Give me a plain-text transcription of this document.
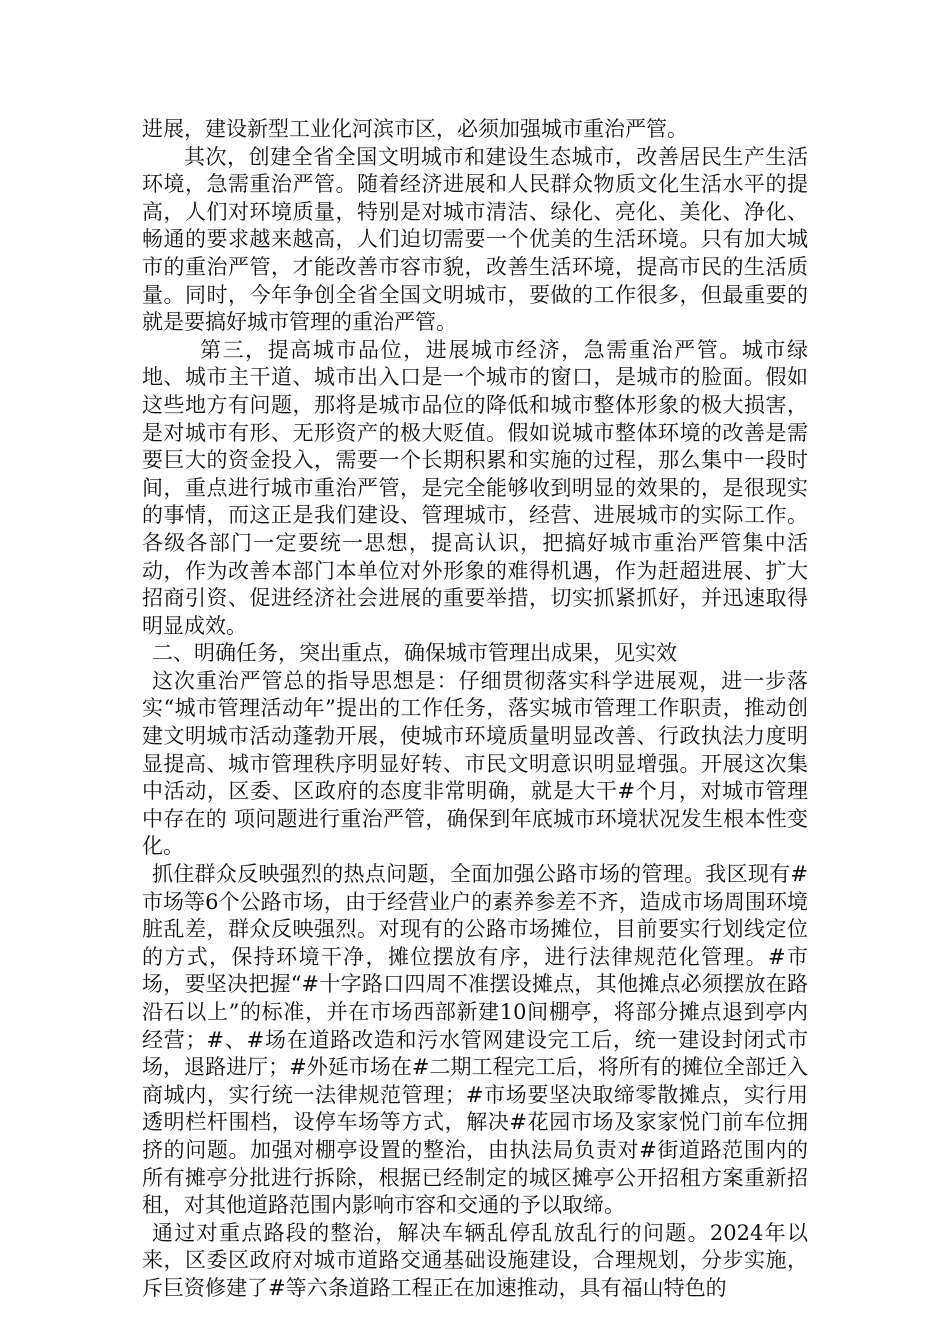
进展，建设新型工业化河滨市区，必须加强城市重治严管。

其次，创建全省全国文明城市和建设生态城市，改善居民生产生活环境，急需重治严管。随着经济进展和人民群众物质文化生活水平的提高，人们对环境质量，特别是对城市清洁、绿化、亮化、美化、净化、畅通的要求越来越高，人们迫切需要一个优美的生活环境。只有加大城市的重治严管，才能改善市容市貌，改善生活环境，提高市民的生活质量。同时，今年争创全省全国文明城市，要做的工作很多，但最重要的就是要搞好城市管理的重治严管。

第三，提高城市品位，进展城市经济，急需重治严管。城市绿地、城市主干道、城市出入口是一个城市的窗口，是城市的脸面。假如这些地方有问题，那将是城市品位的降低和城市整体形象的极大损害，是对城市有形、无形资产的极大贬值。假如说城市整体环境的改善是需要巨大的资金投入，需要一个长期积累和实施的过程，那么集中一段时间，重点进行城市重治严管，是完全能够收到明显的效果的，是很现实的事情，而这正是我们建设、管理城市，经营、进展城市的实际工作。各级各部门一定要统一思想，提高认识，把搞好城市重治严管集中活动，作为改善本部门本单位对外形象的难得机遇，作为赶超进展、扩大招商引资、促进经济社会进展的重要举措，切实抓紧抓好，并迅速取得明显成效。

二、明确任务，突出重点，确保城市管理出成果，见实效

这次重治严管总的指导思想是：仔细贯彻落实科学进展观，进一步落实“城市管理活动年”提出的工作任务，落实城市管理工作职责，推动创建文明城市活动蓬勃开展，使城市环境质量明显改善、行政执法力度明显提高、城市管理秩序明显好转、市民文明意识明显增强。开展这次集中活动，区委、区政府的态度非常明确，就是大干#个月，对城市管理中存在的 项问题进行重治严管，确保到年底城市环境状况发生根本性变化。

抓住群众反映强烈的热点问题，全面加强公路市场的管理。我区现有#市场等6个公路市场，由于经营业户的素养参差不齐，造成市场周围环境脏乱差，群众反映强烈。对现有的公路市场摊位，目前要实行划线定位的方式，保持环境干净，摊位摆放有序，进行法律规范化管理。#市场，要坚决把握“#十字路口四周不准摆设摊点，其他摊点必须摆放在路沿石以上”的标准，并在市场西部新建10间棚亭，将部分摊点退到亭内经营；#、#场在道路改造和污水管网建设完工后，统一建设封闭式市场，退路进厅；#外延市场在#二期工程完工后，将所有的摊位全部迁入商城内，实行统一法律规范管理；#市场要坚决取缔零散摊点，实行用透明栏杆围档，设停车场等方式，解决#花园市场及家家悦门前车位拥挤的问题。加强对棚亭设置的整治，由执法局负责对#街道路范围内的所有摊亭分批进行拆除，根据已经制定的城区摊亭公开招租方案重新招租，对其他道路范围内影响市容和交通的予以取缔。

通过对重点路段的整治，解决车辆乱停乱放乱行的问题。2024年以来，区委区政府对城市道路交通基础设施建设，合理规划，分步实施，斥巨资修建了#等六条道路工程正在加速推动，具有福山特色的
